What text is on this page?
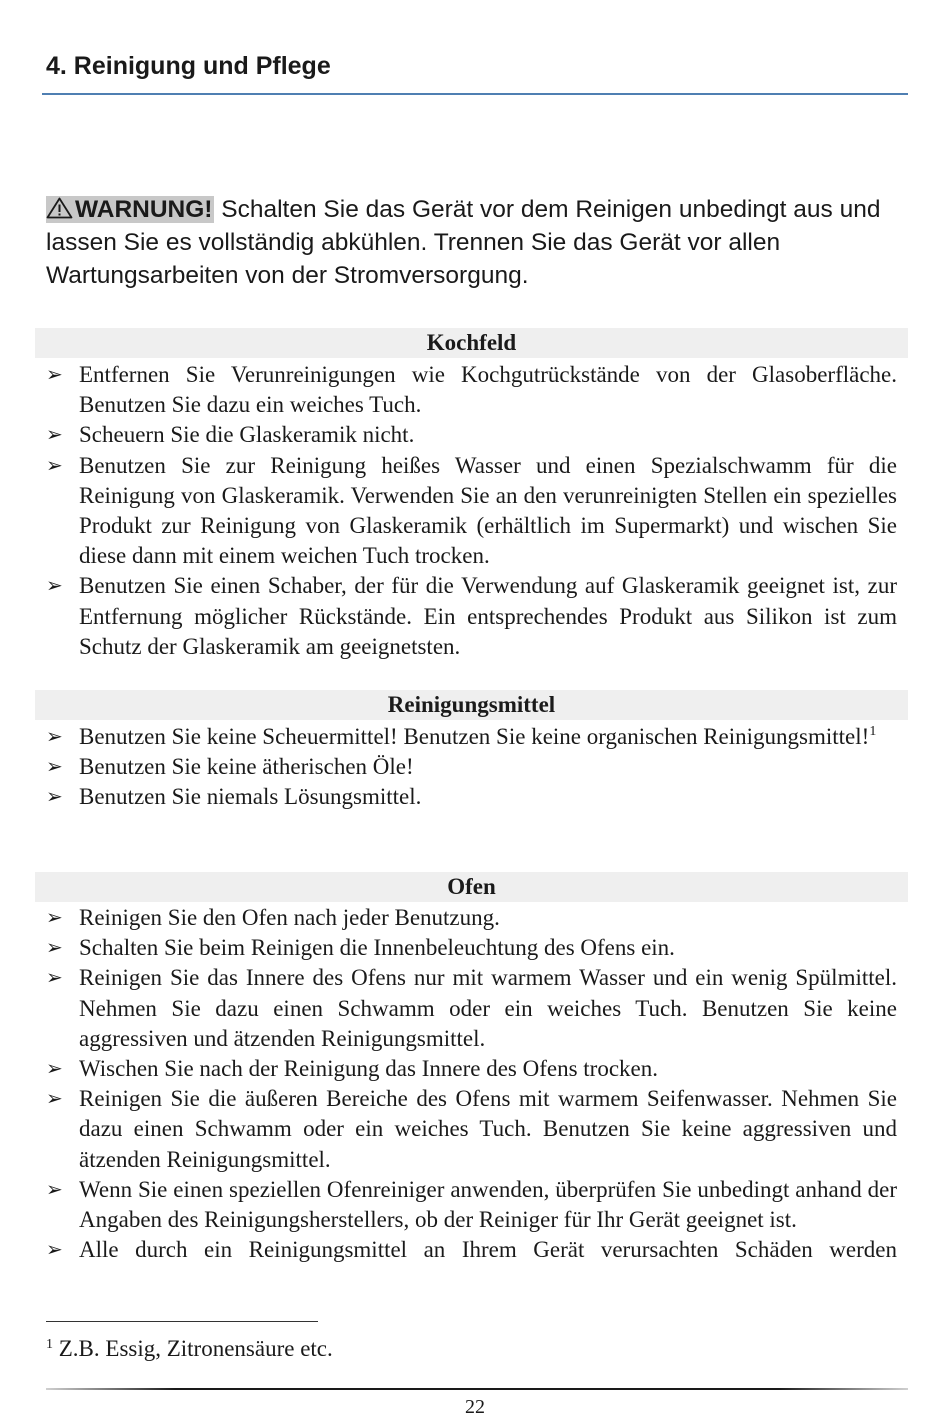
4. Reinigung und Pflege
WARNUNG! Schalten Sie das Gerät vor dem Reinigen unbedingt aus und lassen Sie es vollständig abkühlen. Trennen Sie das Gerät vor allen Wartungsarbeiten von der Stromversorgung.
Kochfeld
➢ Entfernen Sie Verunreinigungen wie Kochgutrückstände von der Glasoberfläche. Benutzen Sie dazu ein weiches Tuch.
➢ Scheuern Sie die Glaskeramik nicht.
➢ Benutzen Sie zur Reinigung heißes Wasser und einen Spezialschwamm für die Reinigung von Glaskeramik. Verwenden Sie an den verunreinigten Stellen ein spezielles Produkt zur Reinigung von Glaskeramik (erhältlich im Supermarkt) und wischen Sie diese dann mit einem weichen Tuch trocken.
➢ Benutzen Sie einen Schaber, der für die Verwendung auf Glaskeramik geeignet ist, zur Entfernung möglicher Rückstände. Ein entsprechendes Produkt aus Silikon ist zum Schutz der Glaskeramik am geeignetsten.
Reinigungsmittel
➢ Benutzen Sie keine Scheuermittel! Benutzen Sie keine organischen Reinigungsmittel!$^1$
➢ Benutzen Sie keine ätherischen Öle!
➢ Benutzen Sie niemals Lösungsmittel.
Ofen
➢ Reinigen Sie den Ofen nach jeder Benutzung.
➢ Schalten Sie beim Reinigen die Innenbeleuchtung des Ofens ein.
➢ Reinigen Sie das Innere des Ofens nur mit warmem Wasser und ein wenig Spülmittel. Nehmen Sie dazu einen Schwamm oder ein weiches Tuch. Benutzen Sie keine aggressiven und ätzenden Reinigungsmittel.
➢ Wischen Sie nach der Reinigung das Innere des Ofens trocken.
➢ Reinigen Sie die äußeren Bereiche des Ofens mit warmem Seifenwasser. Nehmen Sie dazu einen Schwamm oder ein weiches Tuch. Benutzen Sie keine aggressiven und ätzenden Reinigungsmittel.
➢ Wenn Sie einen speziellen Ofenreiniger anwenden, überprüfen Sie unbedingt anhand der Angaben des Reinigungsherstellers, ob der Reiniger für Ihr Gerät geeignet ist.
➢ Alle durch ein Reinigungsmittel an Ihrem Gerät verursachten Schäden werden
$^1$ Z.B. Essig, Zitronensäure etc.
22
